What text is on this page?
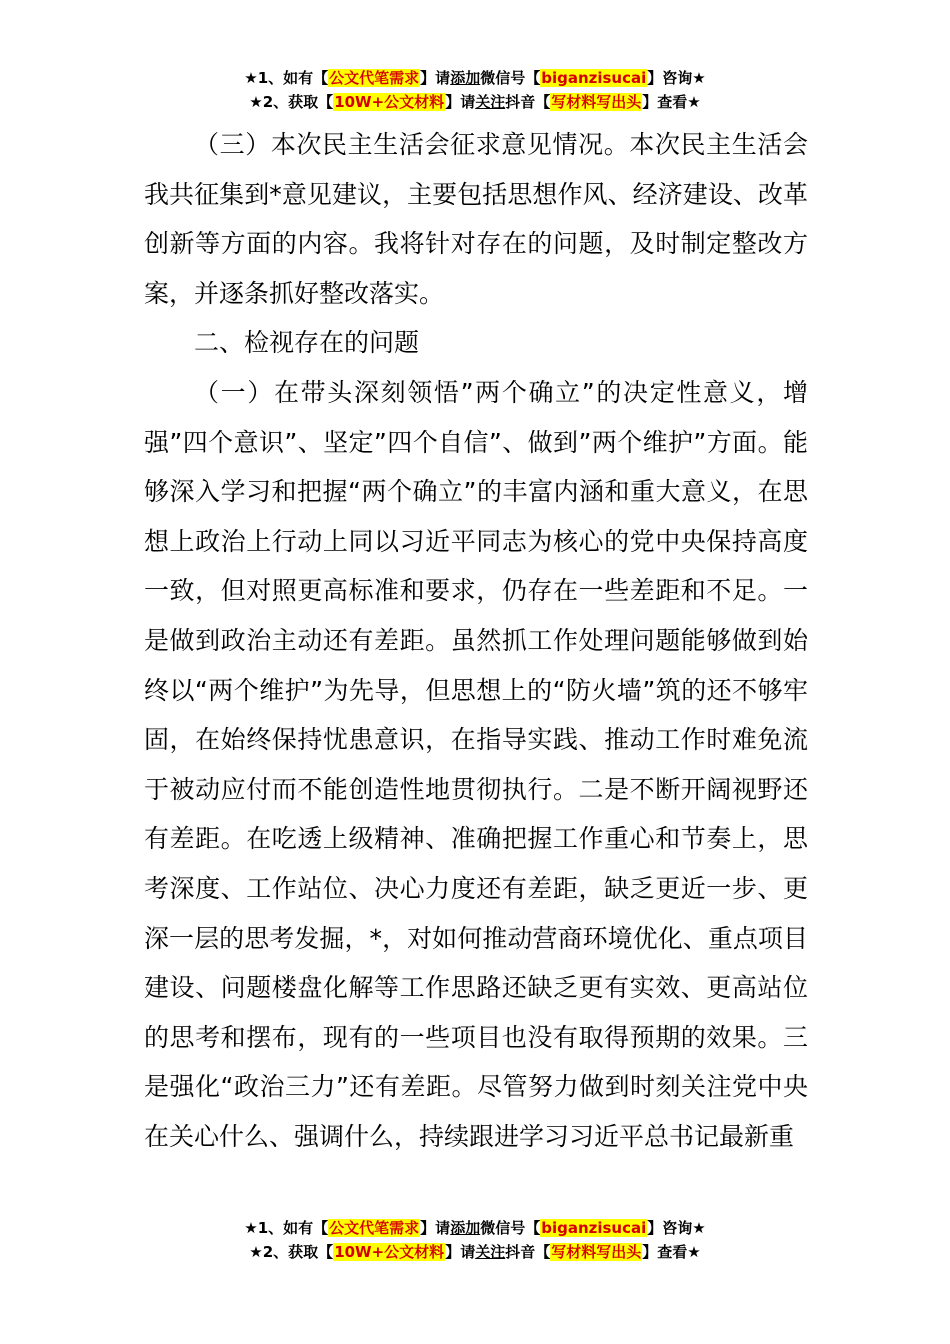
★1、如有【公文代笔需求】请添加微信号【biganzisucai】咨询★
★2、获取【10W+公文材料】请关注抖音【写材料写出头】查看★

（三）本次民主生活会征求意见情况。本次民主生活会我共征集到*意见建议，主要包括思想作风、经济建设、改革创新等方面的内容。我将针对存在的问题，及时制定整改方案，并逐条抓好整改落实。

二、检视存在的问题

（一）在带头深刻领悟”两个确立”的决定性意义，增强”四个意识”、坚定”四个自信”、做到”两个维护”方面。能够深入学习和把握“两个确立”的丰富内涵和重大意义，在思想上政治上行动上同以习近平同志为核心的党中央保持高度一致，但对照更高标准和要求，仍存在一些差距和不足。一是做到政治主动还有差距。虽然抓工作处理问题能够做到始终以“两个维护”为先导，但思想上的“防火墙”筑的还不够牢固，在始终保持忧患意识，在指导实践、推动工作时难免流于被动应付而不能创造性地贯彻执行。二是不断开阔视野还有差距。在吃透上级精神、准确把握工作重心和节奏上，思考深度、工作站位、决心力度还有差距，缺乏更近一步、更深一层的思考发掘，*，对如何推动营商环境优化、重点项目建设、问题楼盘化解等工作思路还缺乏更有实效、更高站位的思考和摆布，现有的一些项目也没有取得预期的效果。三是强化“政治三力”还有差距。尽管努力做到时刻关注党中央在关心什么、强调什么，持续跟进学习习近平总书记最新重

★1、如有【公文代笔需求】请添加微信号【biganzisucai】咨询★
★2、获取【10W+公文材料】请关注抖音【写材料写出头】查看★
